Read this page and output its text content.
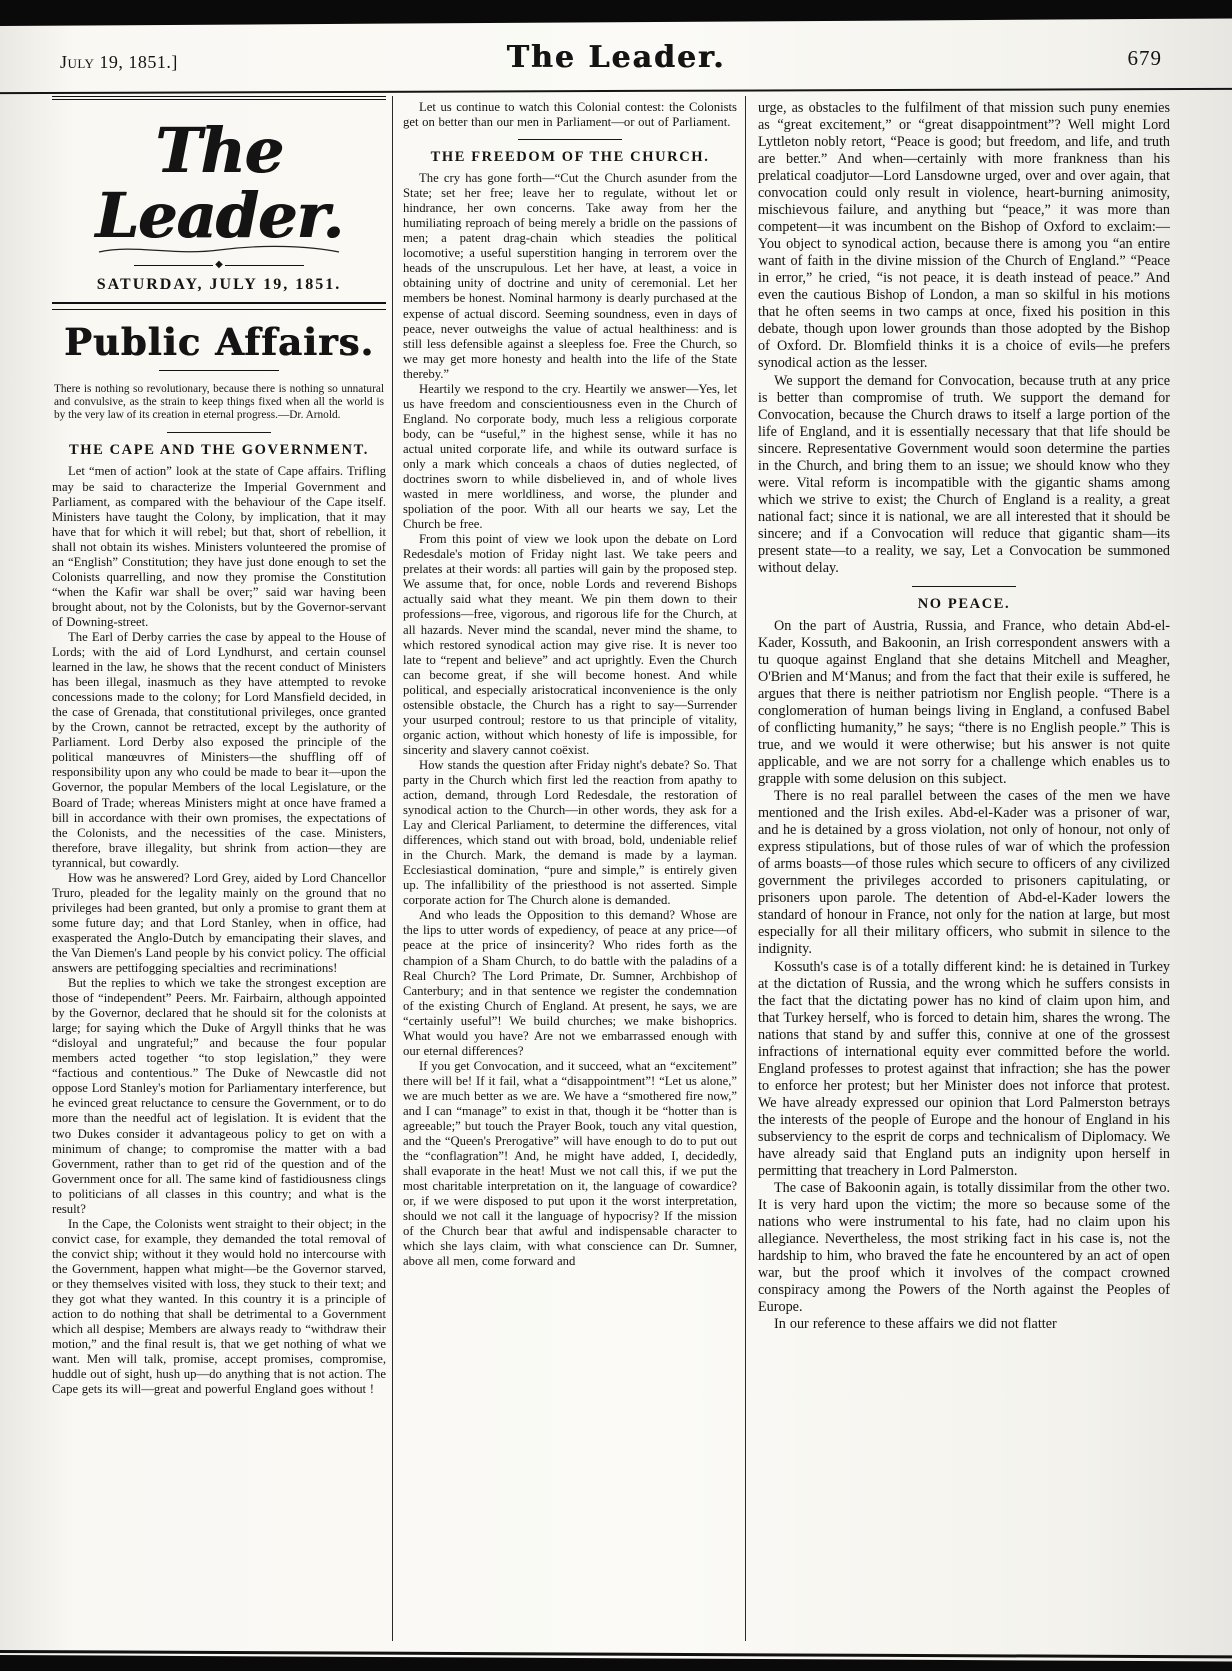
July 19, 1851.]	The Leader.	679
The Leader.
◆
SATURDAY, JULY 19, 1851.
Public Affairs.
There is nothing so revolutionary, because there is nothing so unnatural and convulsive, as the strain to keep things fixed when all the world is by the very law of its creation in eternal progress.—Dr. Arnold.
THE CAPE AND THE GOVERNMENT.

Let “men of action” look at the state of Cape affairs. Trifling may be said to characterize the Imperial Government and Parliament, as compared with the behaviour of the Cape itself. Ministers have taught the Colony, by implication, that it may have that for which it will rebel; but that, short of rebellion, it shall not obtain its wishes. Ministers volunteered the promise of an “English” Constitution; they have just done enough to set the Colonists quarrelling, and now they promise the Constitution “when the Kafir war shall be over;” said war having been brought about, not by the Colonists, but by the Governor-servant of Downing-street.

The Earl of Derby carries the case by appeal to the House of Lords; with the aid of Lord Lyndhurst, and certain counsel learned in the law, he shows that the recent conduct of Ministers has been illegal, inasmuch as they have attempted to revoke concessions made to the colony; for Lord Mansfield decided, in the case of Grenada, that constitutional privileges, once granted by the Crown, cannot be retracted, except by the authority of Parliament. Lord Derby also exposed the principle of the political manœuvres of Ministers—the shuffling off of responsibility upon any who could be made to bear it—upon the Governor, the popular Members of the local Legislature, or the Board of Trade; whereas Ministers might at once have framed a bill in accordance with their own promises, the expectations of the Colonists, and the necessities of the case. Ministers, therefore, brave illegality, but shrink from action—they are tyrannical, but cowardly.

How was he answered? Lord Grey, aided by Lord Chancellor Truro, pleaded for the legality mainly on the ground that no privileges had been granted, but only a promise to grant them at some future day; and that Lord Stanley, when in office, had exasperated the Anglo-Dutch by emancipating their slaves, and the Van Diemen's Land people by his convict policy. The official answers are pettifogging specialties and recriminations!

But the replies to which we take the strongest exception are those of “independent” Peers. Mr. Fairbairn, although appointed by the Governor, declared that he should sit for the colonists at large; for saying which the Duke of Argyll thinks that he was “disloyal and ungrateful;” and because the four popular members acted together “to stop legislation,” they were “factious and contentious.” The Duke of Newcastle did not oppose Lord Stanley's motion for Parliamentary interference, but he evinced great reluctance to censure the Government, or to do more than the needful act of legislation. It is evident that the two Dukes consider it advantageous policy to get on with a minimum of change; to compromise the matter with a bad Government, rather than to get rid of the question and of the Government once for all. The same kind of fastidiousness clings to politicians of all classes in this country; and what is the result?

In the Cape, the Colonists went straight to their object; in the convict case, for example, they demanded the total removal of the convict ship; without it they would hold no intercourse with the Government, happen what might—be the Governor starved, or they themselves visited with loss, they stuck to their text; and they got what they wanted. In this country it is a principle of action to do nothing that shall be detrimental to a Government which all despise; Members are always ready to “withdraw their motion,” and the final result is, that we get nothing of what we want. Men will talk, promise, accept promises, compromise, huddle out of sight, hush up—do anything that is not action. The Cape gets its will—great and powerful England goes without !

Let us continue to watch this Colonial contest: the Colonists get on better than our men in Parliament—or out of Parliament.

THE FREEDOM OF THE CHURCH.

The cry has gone forth—“Cut the Church asunder from the State; set her free; leave her to regulate, without let or hindrance, her own concerns. Take away from her the humiliating reproach of being merely a bridle on the passions of men; a patent drag-chain which steadies the political locomotive; a useful superstition hanging in terrorem over the heads of the unscrupulous. Let her have, at least, a voice in obtaining unity of doctrine and unity of ceremonial. Let her members be honest. Nominal harmony is dearly purchased at the expense of actual discord. Seeming soundness, even in days of peace, never outweighs the value of actual healthiness: and is still less defensible against a sleepless foe. Free the Church, so we may get more honesty and health into the life of the State thereby.”

Heartily we respond to the cry. Heartily we answer—Yes, let us have freedom and conscientiousness even in the Church of England. No corporate body, much less a religious corporate body, can be “useful,” in the highest sense, while it has no actual united corporate life, and while its outward surface is only a mark which conceals a chaos of duties neglected, of doctrines sworn to while disbelieved in, and of whole lives wasted in mere worldliness, and worse, the plunder and spoliation of the poor. With all our hearts we say, Let the Church be free.

From this point of view we look upon the debate on Lord Redesdale's motion of Friday night last. We take peers and prelates at their words: all parties will gain by the proposed step. We assume that, for once, noble Lords and reverend Bishops actually said what they meant. We pin them down to their professions—free, vigorous, and rigorous life for the Church, at all hazards. Never mind the scandal, never mind the shame, to which restored synodical action may give rise. It is never too late to “repent and believe” and act uprightly. Even the Church can become great, if she will become honest. And while political, and especially aristocratical inconvenience is the only ostensible obstacle, the Church has a right to say—Surrender your usurped controul; restore to us that principle of vitality, organic action, without which honesty of life is impossible, for sincerity and slavery cannot coëxist.

How stands the question after Friday night's debate? So. That party in the Church which first led the reaction from apathy to action, demand, through Lord Redesdale, the restoration of synodical action to the Church—in other words, they ask for a Lay and Clerical Parliament, to determine the differences, vital differences, which stand out with broad, bold, undeniable relief in the Church. Mark, the demand is made by a layman. Ecclesiastical domination, “pure and simple,” is entirely given up. The infallibility of the priesthood is not asserted. Simple corporate action for The Church alone is demanded.

And who leads the Opposition to this demand? Whose are the lips to utter words of expediency, of peace at any price—of peace at the price of insincerity? Who rides forth as the champion of a Sham Church, to do battle with the paladins of a Real Church? The Lord Primate, Dr. Sumner, Archbishop of Canterbury; and in that sentence we register the condemnation of the existing Church of England. At present, he says, we are “certainly useful”! We build churches; we make bishoprics. What would you have? Are not we embarrassed enough with our eternal differences?

If you get Convocation, and it succeed, what an “excitement” there will be! If it fail, what a “disappointment”! “Let us alone,” we are much better as we are. We have a “smothered fire now,” and I can “manage” to exist in that, though it be “hotter than is agreeable;” but touch the Prayer Book, touch any vital question, and the “Queen's Prerogative” will have enough to do to put out the “conflagration”! And, he might have added, I, decidedly, shall evaporate in the heat! Must we not call this, if we put the most charitable interpretation on it, the language of cowardice? or, if we were disposed to put upon it the worst interpretation, should we not call it the language of hypocrisy? If the mission of the Church bear that awful and indispensable character to which she lays claim, with what conscience can Dr. Sumner, above all men, come forward and

urge, as obstacles to the fulfilment of that mission such puny enemies as “great excitement,” or “great disappointment”? Well might Lord Lyttleton nobly retort, “Peace is good; but freedom, and life, and truth are better.” And when—certainly with more frankness than his prelatical coadjutor—Lord Lansdowne urged, over and over again, that convocation could only result in violence, heart-burning animosity, mischievous failure, and anything but “peace,” it was more than competent—it was incumbent on the Bishop of Oxford to exclaim:—You object to synodical action, because there is among you “an entire want of faith in the divine mission of the Church of England.” “Peace in error,” he cried, “is not peace, it is death instead of peace.” And even the cautious Bishop of London, a man so skilful in his motions that he often seems in two camps at once, fixed his position in this debate, though upon lower grounds than those adopted by the Bishop of Oxford. Dr. Blomfield thinks it is a choice of evils—he prefers synodical action as the lesser.

We support the demand for Convocation, because truth at any price is better than compromise of truth. We support the demand for Convocation, because the Church draws to itself a large portion of the life of England, and it is essentially necessary that that life should be sincere. Representative Government would soon determine the parties in the Church, and bring them to an issue; we should know who they were. Vital reform is incompatible with the gigantic shams among which we strive to exist; the Church of England is a reality, a great national fact; since it is national, we are all interested that it should be sincere; and if a Convocation will reduce that gigantic sham—its present state—to a reality, we say, Let a Convocation be summoned without delay.

NO PEACE.

On the part of Austria, Russia, and France, who detain Abd-el-Kader, Kossuth, and Bakoonin, an Irish correspondent answers with a tu quoque against England that she detains Mitchell and Meagher, O'Brien and M‘Manus; and from the fact that their exile is suffered, he argues that there is neither patriotism nor English people. “There is a conglomeration of human beings living in England, a confused Babel of conflicting humanity,” he says; “there is no English people.” This is true, and we would it were otherwise; but his answer is not quite applicable, and we are not sorry for a challenge which enables us to grapple with some delusion on this subject.

There is no real parallel between the cases of the men we have mentioned and the Irish exiles. Abd-el-Kader was a prisoner of war, and he is detained by a gross violation, not only of honour, not only of express stipulations, but of those rules of war of which the profession of arms boasts—of those rules which secure to officers of any civilized government the privileges accorded to prisoners capitulating, or prisoners upon parole. The detention of Abd-el-Kader lowers the standard of honour in France, not only for the nation at large, but most especially for all their military officers, who submit in silence to the indignity.

Kossuth's case is of a totally different kind: he is detained in Turkey at the dictation of Russia, and the wrong which he suffers consists in the fact that the dictating power has no kind of claim upon him, and that Turkey herself, who is forced to detain him, shares the wrong. The nations that stand by and suffer this, connive at one of the grossest infractions of international equity ever committed before the world. England professes to protest against that infraction; she has the power to enforce her protest; but her Minister does not inforce that protest. We have already expressed our opinion that Lord Palmerston betrays the interests of the people of Europe and the honour of England in his subserviency to the esprit de corps and technicalism of Diplomacy. We have already said that England puts an indignity upon herself in permitting that treachery in Lord Palmerston.

The case of Bakoonin again, is totally dissimilar from the other two. It is very hard upon the victim; the more so because some of the nations who were instrumental to his fate, had no claim upon his allegiance. Nevertheless, the most striking fact in his case is, not the hardship to him, who braved the fate he encountered by an act of open war, but the proof which it involves of the compact crowned conspiracy among the Powers of the North against the Peoples of Europe.

In our reference to these affairs we did not flatter
